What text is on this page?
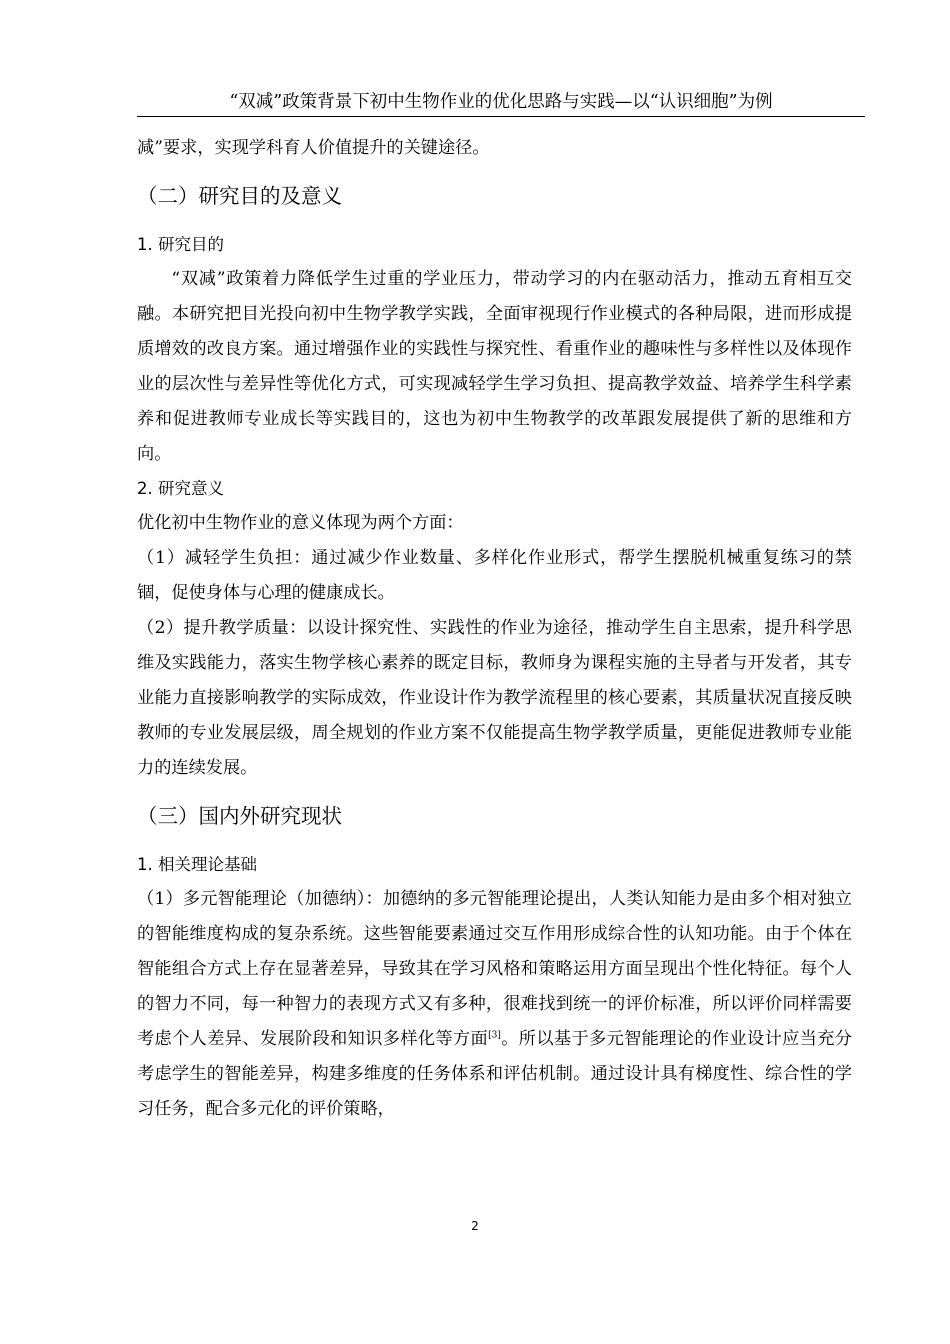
“双减”政策背景下初中生物作业的优化思路与实践—以“认识细胞”为例

减”要求，实现学科育人价值提升的关键途径。

（二）研究目的及意义

1. 研究目的

“双减”政策着力降低学生过重的学业压力，带动学习的内在驱动活力，推动五育相互交融。本研究把目光投向初中生物学教学实践，全面审视现行作业模式的各种局限，进而形成提质增效的改良方案。通过增强作业的实践性与探究性、看重作业的趣味性与多样性以及体现作业的层次性与差异性等优化方式，可实现减轻学生学习负担、提高教学效益、培养学生科学素养和促进教师专业成长等实践目的，这也为初中生物教学的改革跟发展提供了新的思维和方向。

2. 研究意义

优化初中生物作业的意义体现为两个方面：

（1）减轻学生负担：通过减少作业数量、多样化作业形式，帮学生摆脱机械重复练习的禁锢，促使身体与心理的健康成长。

（2）提升教学质量：以设计探究性、实践性的作业为途径，推动学生自主思索，提升科学思维及实践能力，落实生物学核心素养的既定目标，教师身为课程实施的主导者与开发者，其专业能力直接影响教学的实际成效，作业设计作为教学流程里的核心要素，其质量状况直接反映教师的专业发展层级，周全规划的作业方案不仅能提高生物学教学质量，更能促进教师专业能力的连续发展。

（三）国内外研究现状

1. 相关理论基础

（1）多元智能理论（加德纳）：加德纳的多元智能理论提出，人类认知能力是由多个相对独立的智能维度构成的复杂系统。这些智能要素通过交互作用形成综合性的认知功能。由于个体在智能组合方式上存在显著差异，导致其在学习风格和策略运用方面呈现出个性化特征。每个人的智力不同，每一种智力的表现方式又有多种，很难找到统一的评价标准，所以评价同样需要考虑个人差异、发展阶段和知识多样化等方面[3]。所以基于多元智能理论的作业设计应当充分考虑学生的智能差异，构建多维度的任务体系和评估机制。通过设计具有梯度性、综合性的学习任务，配合多元化的评价策略，

2
